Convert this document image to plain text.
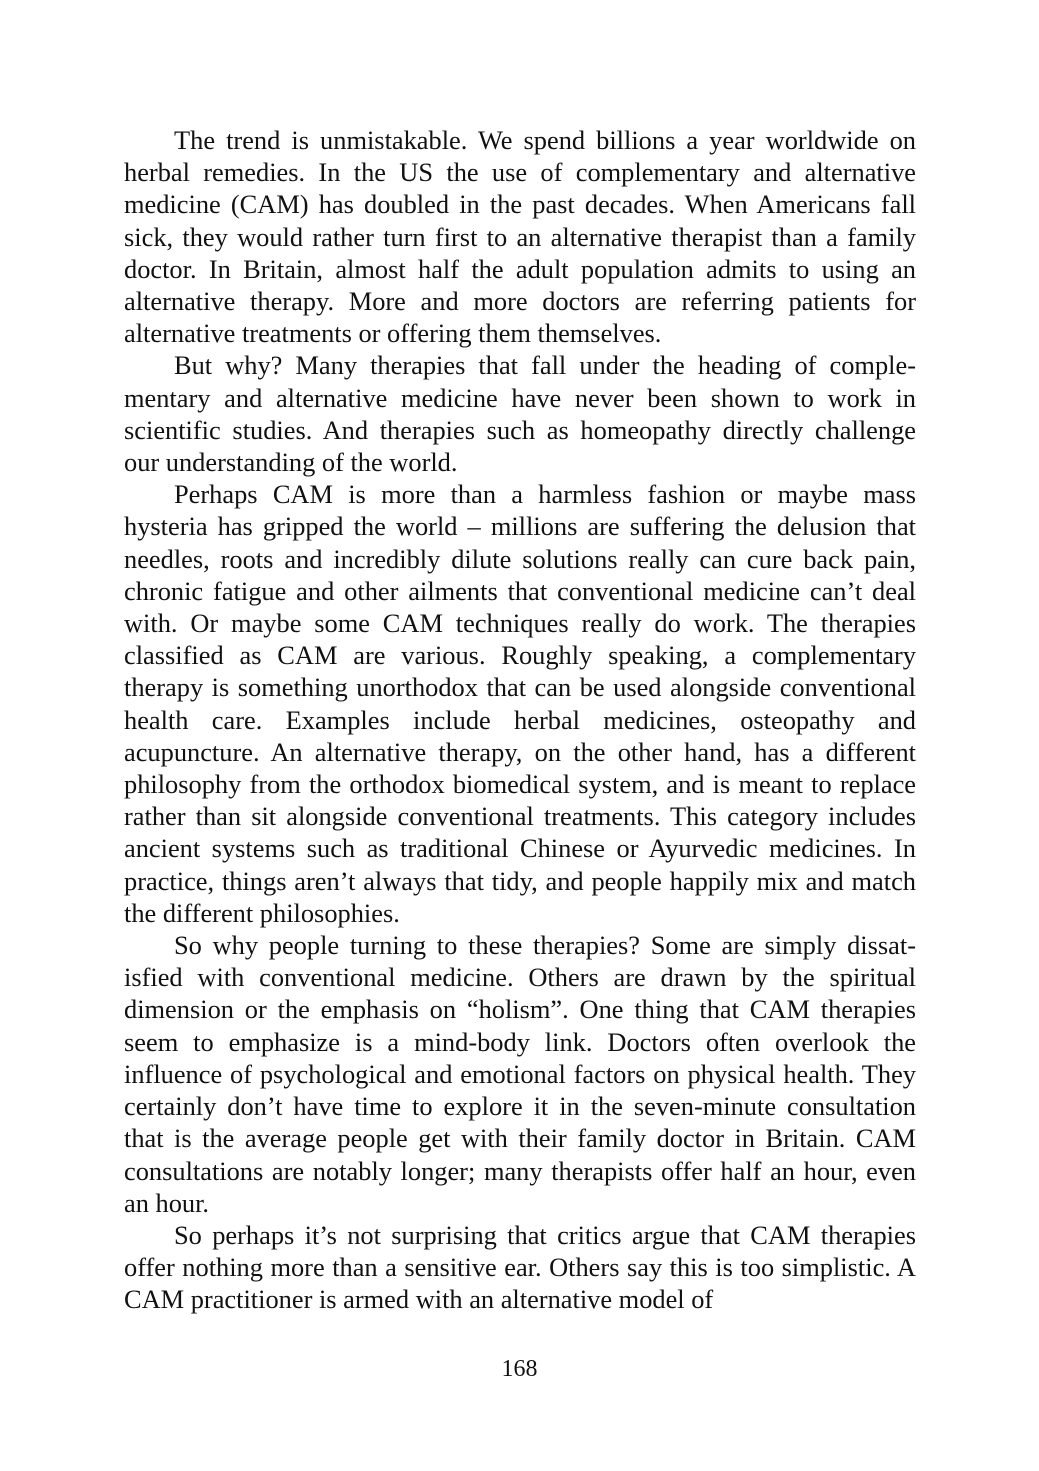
The trend is unmistakable. We spend billions a year worldwide on herbal remedies. In the US the use of complementary and alternative medicine (CAM) has doubled in the past decades. When Americans fall sick, they would rather turn first to an alternative therapist than a family doctor. In Britain, almost half the adult population admits to using an alternative therapy. More and more doctors are referring patients for alternative treatments or offering them themselves.

But why? Many therapies that fall under the heading of complementary and alternative medicine have never been shown to work in scientific studies. And therapies such as homeopathy directly challenge our understanding of the world.

Perhaps CAM is more than a harmless fashion or maybe mass hysteria has gripped the world – millions are suffering the delusion that needles, roots and incredibly dilute solutions really can cure back pain, chronic fatigue and other ailments that conventional medicine can’t deal with. Or maybe some CAM techniques really do work. The therapies classified as CAM are various. Roughly speaking, a complementary therapy is something unorthodox that can be used alongside conventional health care. Examples include herbal medicines, osteopathy and acupuncture. An alternative therapy, on the other hand, has a different philosophy from the orthodox biomedical system, and is meant to replace rather than sit alongside conventional treatments. This category includes ancient systems such as traditional Chinese or Ayurvedic medicines. In practice, things aren’t always that tidy, and people happily mix and match the different philosophies.

So why people turning to these therapies? Some are simply dissatisfied with conventional medicine. Others are drawn by the spiritual dimension or the emphasis on “holism”. One thing that CAM therapies seem to emphasize is a mind-body link. Doctors often overlook the influence of psychological and emotional factors on physical health. They certainly don’t have time to explore it in the seven-minute consultation that is the average people get with their family doctor in Britain. CAM consultations are notably longer; many therapists offer half an hour, even an hour.

So perhaps it’s not surprising that critics argue that CAM therapies offer nothing more than a sensitive ear. Others say this is too simplistic. A CAM practitioner is armed with an alternative model of

168
